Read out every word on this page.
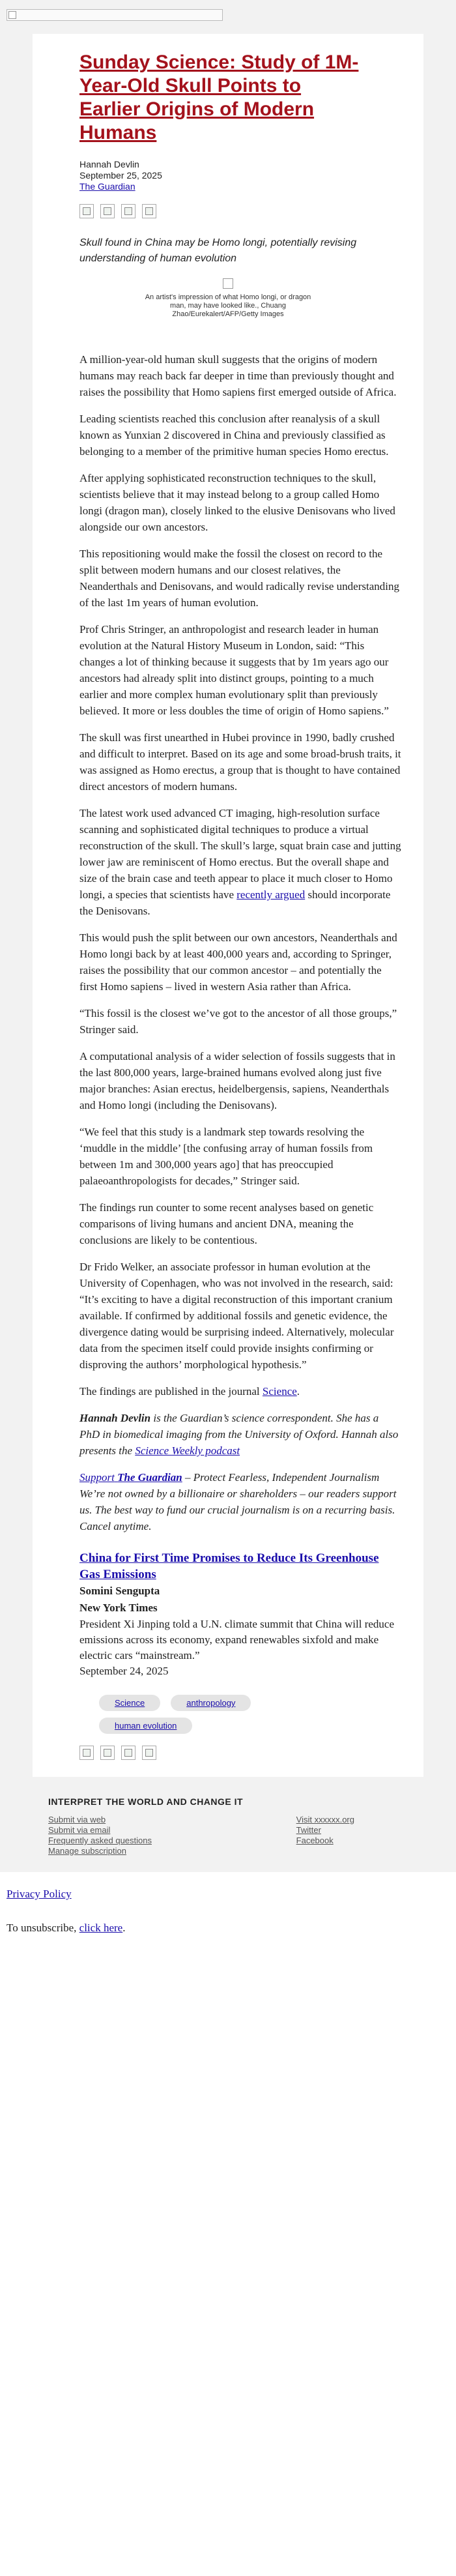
Sunday Science: Study of 1M-Year-Old Skull Points to Earlier Origins of Modern Humans
Hannah Devlin
September 25, 2025
The Guardian
Skull found in China may be Homo longi, potentially revising understanding of human evolution
An artist's impression of what Homo longi, or dragon man, may have looked like., Chuang Zhao/Eurekalert/AFP/Getty Images

A million-year-old human skull suggests that the origins of modern humans may reach back far deeper in time than previously thought and raises the possibility that Homo sapiens first emerged outside of Africa.

Leading scientists reached this conclusion after reanalysis of a skull known as Yunxian 2 discovered in China and previously classified as belonging to a member of the primitive human species Homo erectus.

After applying sophisticated reconstruction techniques to the skull, scientists believe that it may instead belong to a group called Homo longi (dragon man), closely linked to the elusive Denisovans who lived alongside our own ancestors.

This repositioning would make the fossil the closest on record to the split between modern humans and our closest relatives, the Neanderthals and Denisovans, and would radically revise understanding of the last 1m years of human evolution.

Prof Chris Stringer, an anthropologist and research leader in human evolution at the Natural History Museum in London, said: “This changes a lot of thinking because it suggests that by 1m years ago our ancestors had already split into distinct groups, pointing to a much earlier and more complex human evolutionary split than previously believed. It more or less doubles the time of origin of Homo sapiens.”

The skull was first unearthed in Hubei province in 1990, badly crushed and difficult to interpret. Based on its age and some broad-brush traits, it was assigned as Homo erectus, a group that is thought to have contained direct ancestors of modern humans.

The latest work used advanced CT imaging, high-resolution surface scanning and sophisticated digital techniques to produce a virtual reconstruction of the skull. The skull’s large, squat brain case and jutting lower jaw are reminiscent of Homo erectus. But the overall shape and size of the brain case and teeth appear to place it much closer to Homo longi, a species that scientists have recently argued should incorporate the Denisovans.

This would push the split between our own ancestors, Neanderthals and Homo longi back by at least 400,000 years and, according to Springer, raises the possibility that our common ancestor – and potentially the first Homo sapiens – lived in western Asia rather than Africa.

“This fossil is the closest we’ve got to the ancestor of all those groups,” Stringer said.

A computational analysis of a wider selection of fossils suggests that in the last 800,000 years, large-brained humans evolved along just five major branches: Asian erectus, heidelbergensis, sapiens, Neanderthals and Homo longi (including the Denisovans).

“We feel that this study is a landmark step towards resolving the ‘muddle in the middle’ [the confusing array of human fossils from between 1m and 300,000 years ago] that has preoccupied palaeoanthropologists for decades,” Stringer said.

The findings run counter to some recent analyses based on genetic comparisons of living humans and ancient DNA, meaning the conclusions are likely to be contentious.

Dr Frido Welker, an associate professor in human evolution at the University of Copenhagen, who was not involved in the research, said: “It’s exciting to have a digital reconstruction of this important cranium available. If confirmed by additional fossils and genetic evidence, the divergence dating would be surprising indeed. Alternatively, molecular data from the specimen itself could provide insights confirming or disproving the authors’ morphological hypothesis.”

The findings are published in the journal Science.

Hannah Devlin is the Guardian’s science correspondent. She has a PhD in biomedical imaging from the University of Oxford. Hannah also presents the Science Weekly podcast

Support The Guardian – Protect Fearless, Independent Journalism
We’re not owned by a billionaire or shareholders – our readers support us. The best way to fund our crucial journalism is on a recurring basis. Cancel anytime.
China for First Time Promises to Reduce Its Greenhouse Gas Emissions
Somini Sengupta
New York Times
President Xi Jinping told a U.N. climate summit that China will reduce emissions across its economy, expand renewables sixfold and make electric cars “mainstream.”
September 24, 2025
Science	anthropology
human evolution
INTERPRET THE WORLD AND CHANGE IT
Submit via web
Submit via email
Frequently asked questions
Manage subscription
Visit xxxxxx.org
Twitter
Facebook

Privacy Policy

To unsubscribe, click here.
